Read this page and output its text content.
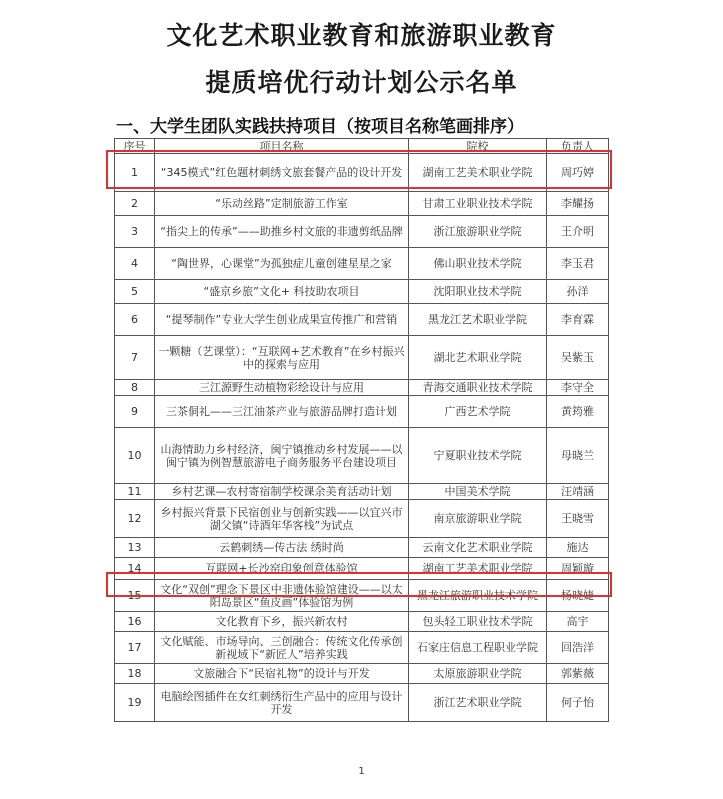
文化艺术职业教育和旅游职业教育
提质培优行动计划公示名单
一、大学生团队实践扶持项目（按项目名称笔画排序）
序号	项目名称	院校	负责人
1	“345模式”红色题材刺绣文旅套餐产品的设计开发	湖南工艺美术职业学院	周巧婷
2	“乐动丝路”定制旅游工作室	甘肃工业职业技术学院	李耀扬
3	“指尖上的传承”——助推乡村文旅的非遗剪纸品牌	浙江旅游职业学院	王介明
4	“陶世界，心课堂”为孤独症儿童创建星星之家	佛山职业技术学院	李玉君
5	“盛京乡旅”文化+ 科技助农项目	沈阳职业技术学院	孙洋
6	“提琴制作”专业大学生创业成果宣传推广和营销	黑龙江艺术职业学院	李育霖
7	一颗糖（艺课堂）：“互联网+艺术教育”在乡村振兴中的探索与应用	湖北艺术职业学院	吴紫玉
8	三江源野生动植物彩绘设计与应用	青海交通职业技术学院	李守全
9	三茶侗礼——三江油茶产业与旅游品牌打造计划	广西艺术学院	黄筠雅
10	山海情助力乡村经济，闽宁镇推动乡村发展——以闽宁镇为例智慧旅游电子商务服务平台建设项目	宁夏职业技术学院	母晓兰
11	乡村艺课—农村寄宿制学校课余美育活动计划	中国美术学院	汪靖涵
12	乡村振兴背景下民宿创业与创新实践——以宜兴市湖父镇“诗酒年华客栈”为试点	南京旅游职业学院	王晓雪
13	云鹤刺绣—传古法 绣时尚	云南文化艺术职业学院	施达
14	互联网+长沙窑印象创意体验馆	湖南工艺美术职业学院	周颖璇
15	文化“双创”理念下景区中非遗体验馆建设——以太阳岛景区“鱼皮画”体验馆为例	黑龙江旅游职业技术学院	杨晓婕
16	文化教育下乡，振兴新农村	包头轻工职业技术学院	高宇
17	文化赋能、市场导向、三创融合：传统文化传承创新视域下“新匠人”培养实践	石家庄信息工程职业学院	回浩洋
18	文旅融合下“民宿礼物”的设计与开发	太原旅游职业学院	郭紫薇
19	电脑绘图插件在女红刺绣衍生产品中的应用与设计开发	浙江艺术职业学院	何子怡
1
